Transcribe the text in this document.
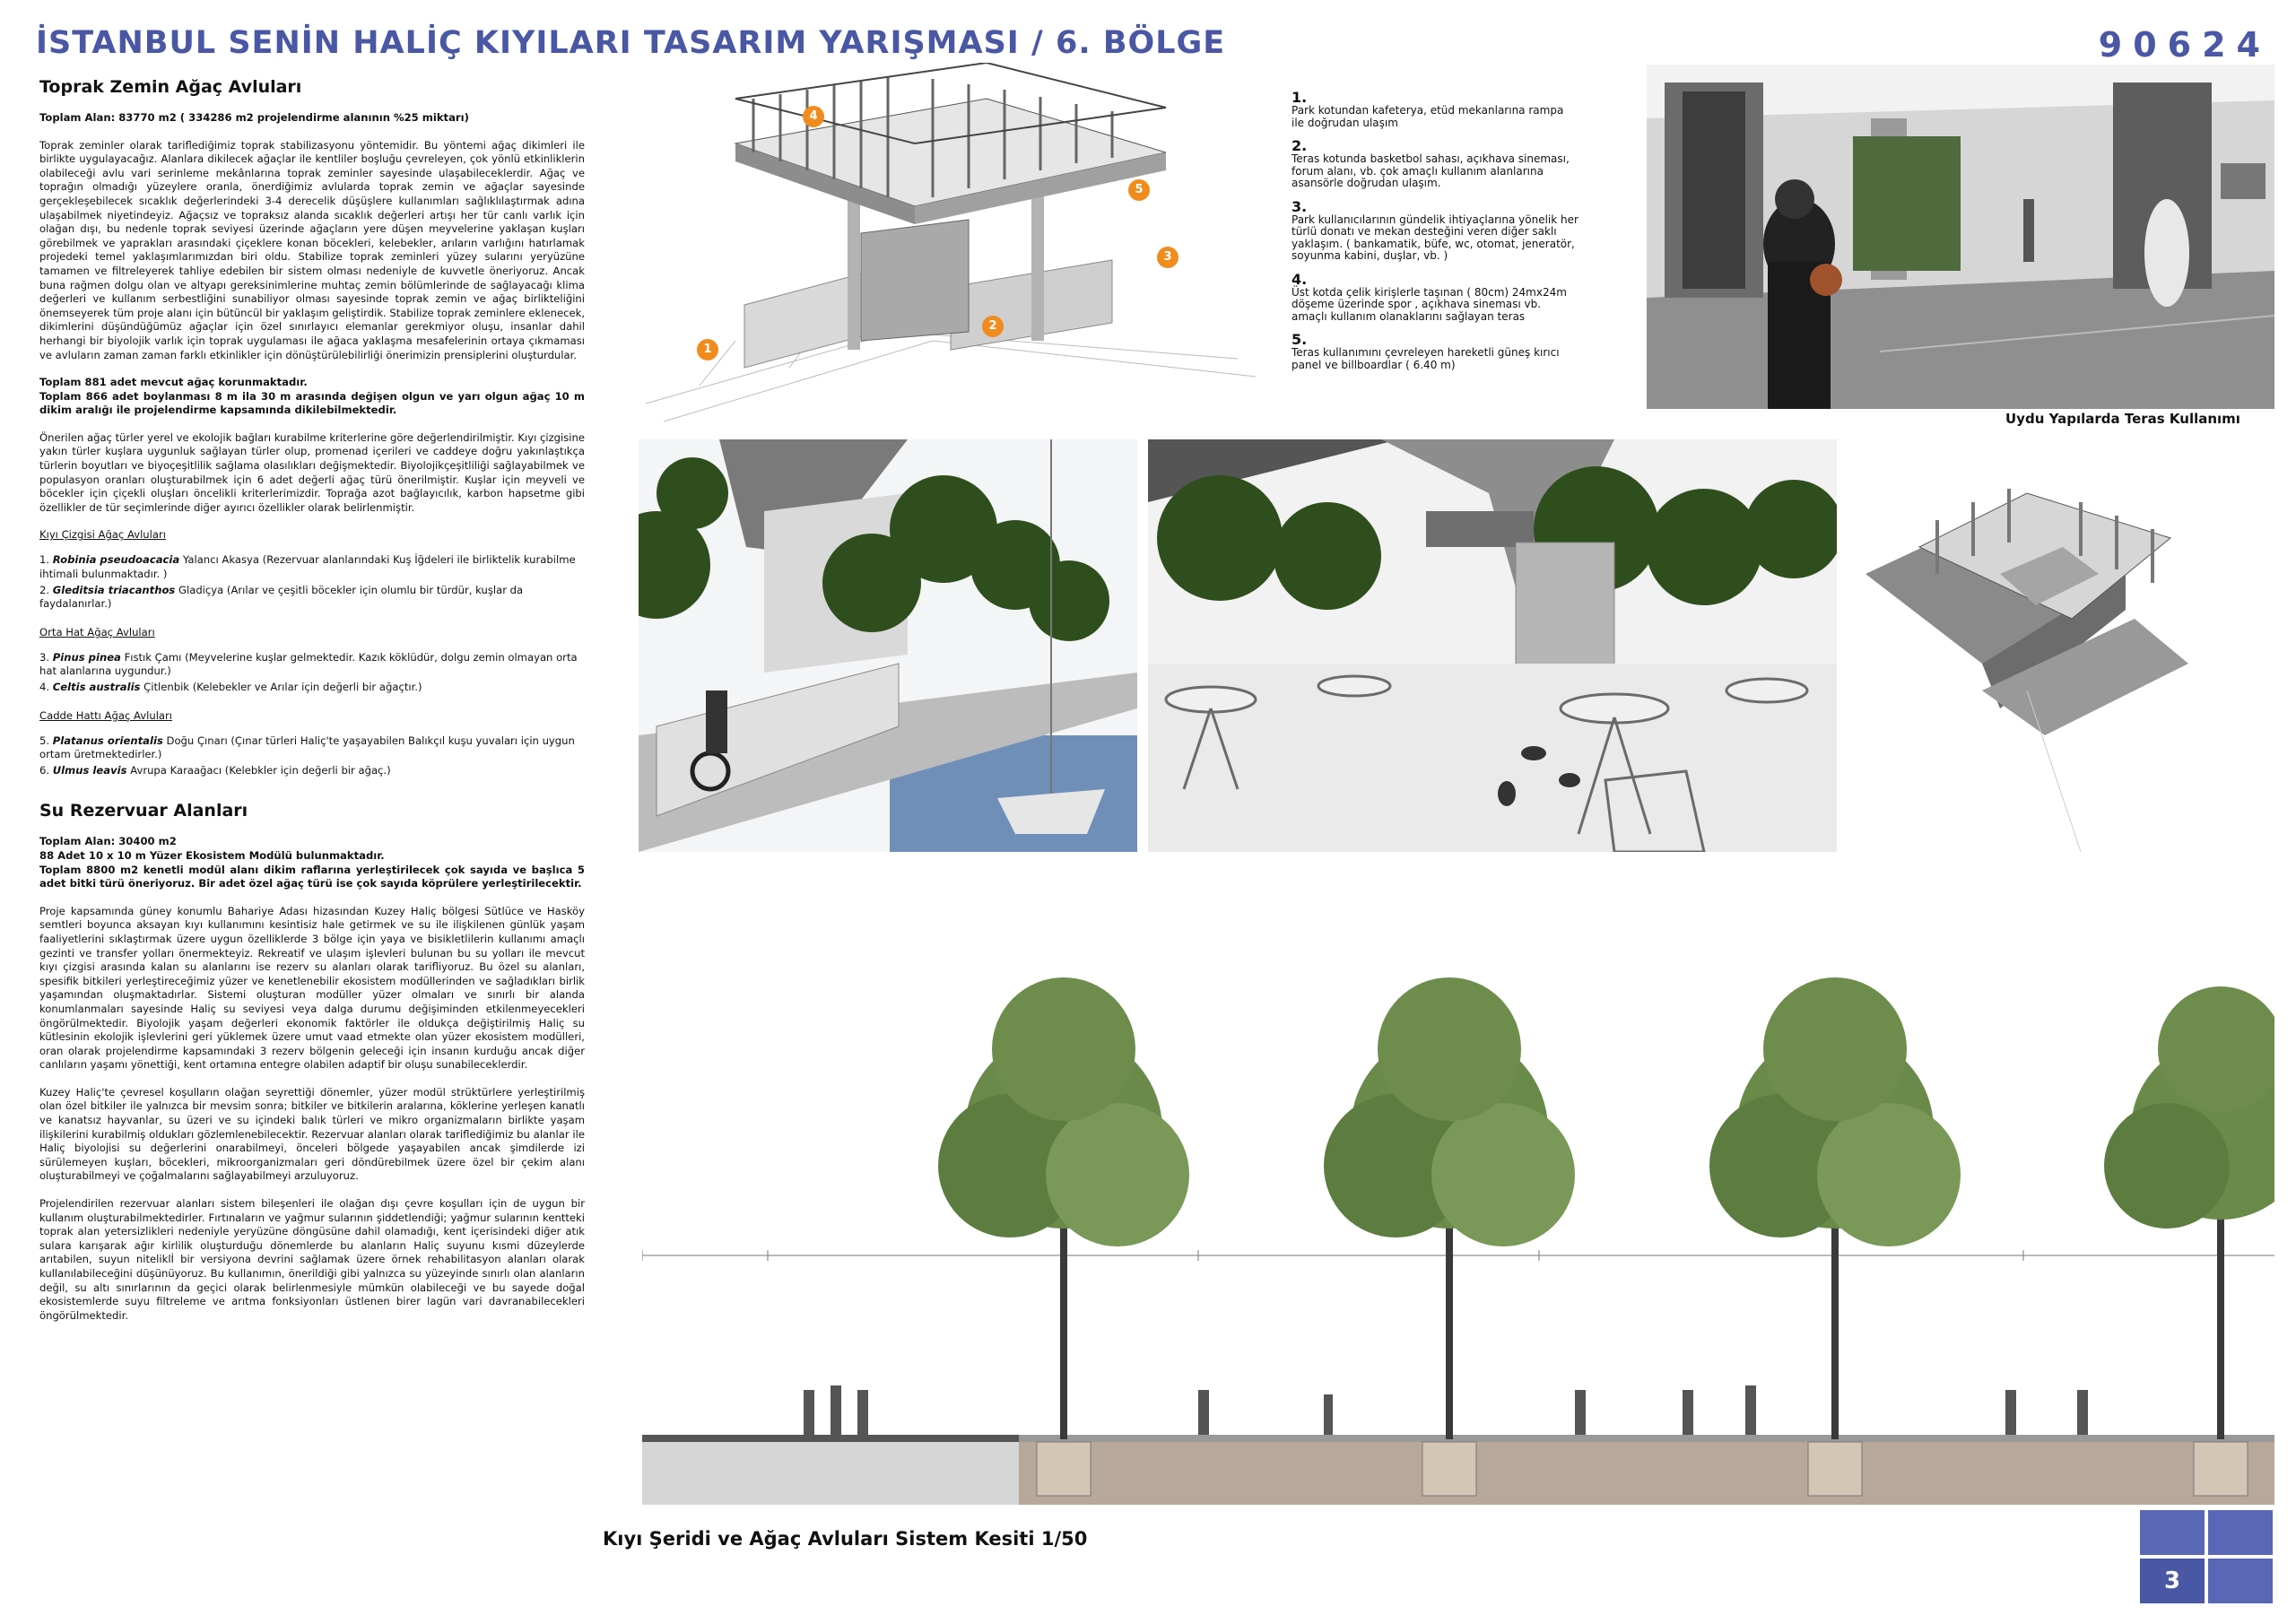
İSTANBUL SENİN HALİÇ KIYILARI TASARIM YARIŞMASI / 6. BÖLGE	90624
Toprak Zemin Ağaç Avluları
Toplam Alan: 83770 m2 ( 334286 m2 projelendirme alanının %25 miktarı)
Toprak zeminler olarak tariflediğimiz toprak stabilizasyonu yöntemidir. Bu yöntemi ağaç dikimleri ile birlikte uygulayacağız. Alanlara dikilecek ağaçlar ile kentliler boşluğu çevreleyen, çok yönlü etkinliklerin olabileceği avlu vari serinleme mekânlarına toprak zeminler sayesinde ulaşabileceklerdir. Ağaç ve toprağın olmadığı yüzeylere oranla, önerdiğimiz avlularda toprak zemin ve ağaçlar sayesinde gerçekleşebilecek sıcaklık değerlerindeki 3-4 derecelik düşüşlere kullanımları sağlıklılaştırmak adına ulaşabilmek niyetindeyiz. Ağaçsız ve topraksız alanda sıcaklık değerleri artışı her tür canlı varlık için olağan dışı, bu nedenle toprak seviyesi üzerinde ağaçların yere düşen meyvelerine yaklaşan kuşları görebilmek ve yaprakları arasındaki çiçeklere konan böcekleri, kelebekler, arıların varlığını hatırlamak projedeki temel yaklaşımlarımızdan biri oldu. Stabilize toprak zeminleri yüzey sularını yeryüzüne tamamen ve filtreleyerek tahliye edebilen bir sistem olması nedeniyle de kuvvetle öneriyoruz. Ancak buna rağmen dolgu olan ve altyapı gereksinimlerine muhtaç zemin bölümlerinde de sağlayacağı klima değerleri ve kullanım serbestliğini sunabiliyor olması sayesinde toprak zemin ve ağaç birlikteliğini önemseyerek tüm proje alanı için bütüncül bir yaklaşım geliştirdik. Stabilize toprak zeminlere eklenecek, dikimlerini düşündüğümüz ağaçlar için özel sınırlayıcı elemanlar gerekmiyor oluşu, insanlar dahil herhangi bir biyolojik varlık için toprak uygulaması ile ağaca yaklaşma mesafelerinin ortaya çıkmaması ve avluların zaman zaman farklı etkinlikler için dönüştürülebilirliği önerimizin prensiplerini oluşturdular.
Toplam 881 adet mevcut ağaç korunmaktadır.
Toplam 866 adet boylanması 8 m ila 30 m arasında değişen olgun ve yarı olgun ağaç 10 m dikim aralığı ile projelendirme kapsamında dikilebilmektedir.
Önerilen ağaç türler yerel ve ekolojik bağları kurabilme kriterlerine göre değerlendirilmiştir. Kıyı çizgisine yakın türler kuşlara uygunluk sağlayan türler olup, promenad içerileri ve caddeye doğru yakınlaştıkça türlerin boyutları ve biyoçeşitlilik sağlama olasılıkları değişmektedir. Biyolojikçeşitliliği sağlayabilmek ve populasyon oranları oluşturabilmek için 6 adet değerli ağaç türü önerilmiştir. Kuşlar için meyveli ve böcekler için çiçekli oluşları öncelikli kriterlerimizdir. Toprağa azot bağlayıcılık, karbon hapsetme gibi özellikler de tür seçimlerinde diğer ayırıcı özellikler olarak belirlenmiştir.
Kıyı Çizgisi Ağaç Avluları
1. Robinia pseudoacacia Yalancı Akasya (Rezervuar alanlarındaki Kuş İğdeleri ile birliktelik kurabilme ihtimali bulunmaktadır. )
2. Gleditsia triacanthos Gladiçya (Arılar ve çeşitli böcekler için olumlu bir türdür, kuşlar da faydalanırlar.)
Orta Hat Ağaç Avluları
3. Pinus pinea Fıstık Çamı (Meyvelerine kuşlar gelmektedir. Kazık köklüdür, dolgu zemin olmayan orta hat alanlarına uygundur.)
4. Celtis australis Çitlenbik (Kelebekler ve Arılar için değerli bir ağaçtır.)
Cadde Hattı Ağaç Avluları
5. Platanus orientalis Doğu Çınarı (Çınar türleri Haliç'te yaşayabilen Balıkçıl kuşu yuvaları için uygun ortam üretmektedirler.)
6. Ulmus leavis Avrupa Karaağacı (Kelebkler için değerli bir ağaç.)
Su Rezervuar Alanları
Toplam Alan: 30400 m2
88 Adet 10 x 10 m Yüzer Ekosistem Modülü bulunmaktadır.
Toplam 8800 m2 kenetli modül alanı dikim raflarına yerleştirilecek çok sayıda ve başlıca 5 adet bitki türü öneriyoruz. Bir adet özel ağaç türü ise çok sayıda köprülere yerleştirilecektir.
Proje kapsamında güney konumlu Bahariye Adası hizasından Kuzey Haliç bölgesi Sütlüce ve Hasköy semtleri boyunca aksayan kıyı kullanımını kesintisiz hale getirmek ve su ile ilişkilenen günlük yaşam faaliyetlerini sıklaştırmak üzere uygun özelliklerde 3 bölge için yaya ve bisikletlilerin kullanımı amaçlı gezinti ve transfer yolları önermekteyiz. Rekreatif ve ulaşım işlevleri bulunan bu su yolları ile mevcut kıyı çizgisi arasında kalan su alanlarını ise rezerv su alanları olarak tarifliyoruz. Bu özel su alanları, spesifik bitkileri yerleştireceğimiz yüzer ve kenetlenebilir ekosistem modüllerinden ve sağladıkları birlik yaşamından oluşmaktadırlar. Sistemi oluşturan modüller yüzer olmaları ve sınırlı bir alanda konumlanmaları sayesinde Haliç su seviyesi veya dalga durumu değişiminden etkilenmeyecekleri öngörülmektedir. Biyolojik yaşam değerleri ekonomik faktörler ile oldukça değiştirilmiş Haliç su kütlesinin ekolojik işlevlerini geri yüklemek üzere umut vaad etmekte olan yüzer ekosistem modülleri, oran olarak projelendirme kapsamındaki 3 rezerv bölgenin geleceği için insanın kurduğu ancak diğer canlıların yaşamı yönettiği, kent ortamına entegre olabilen adaptif bir oluşu sunabileceklerdir.
Kuzey Haliç'te çevresel koşulların olağan seyrettiği dönemler, yüzer modül strüktürlere yerleştirilmiş olan özel bitkiler ile yalnızca bir mevsim sonra; bitkiler ve bitkilerin aralarına, köklerine yerleşen kanatlı ve kanatsız hayvanlar, su üzeri ve su içindeki balık türleri ve mikro organizmaların birlikte yaşam ilişkilerini kurabilmiş oldukları gözlemlenebilecektir. Rezervuar alanları olarak tariflediğimiz bu alanlar ile Haliç biyolojisi su değerlerini onarabilmeyi, önceleri bölgede yaşayabilen ancak şimdilerde izi sürülemeyen kuşları, böcekleri, mikroorganizmaları geri döndürebilmek üzere özel bir çekim alanı oluşturabilmeyi ve çoğalmalarını sağlayabilmeyi arzuluyoruz.
Projelendirilen rezervuar alanları sistem bileşenleri ile olağan dışı çevre koşulları için de uygun bir kullanım oluşturabilmektedirler. Fırtınaların ve yağmur sularının şiddetlendiği; yağmur sularının kentteki toprak alan yetersizlikleri nedeniyle yeryüzüne döngüsüne dahil olamadığı, kent içerisindeki diğer atık sulara karışarak ağır kirlilik oluşturduğu dönemlerde bu alanların Haliç suyunu kısmi düzeylerde arıtabilen, suyun niteliklİ bir versiyona devrini sağlamak üzere örnek rehabilitasyon alanları olarak kullanılabileceğini düşünüyoruz. Bu kullanımın, önerildiği gibi yalnızca su yüzeyinde sınırlı olan alanların değil, su altı sınırlarının da geçici olarak belirlenmesiyle mümkün olabileceği ve bu sayede doğal ekosistemlerde suyu filtreleme ve arıtma fonksiyonları üstlenen birer lagün vari davranabilecekleri öngörülmektedir.
4
5
3
2
1
1.
Park kotundan kafeterya, etüd mekanlarına rampa ile doğrudan ulaşım
2.
Teras kotunda basketbol sahası, açıkhava sineması, forum alanı, vb. çok amaçlı kullanım alanlarına asansörle doğrudan ulaşım.
3.
Park kullanıcılarının gündelik ihtiyaçlarına yönelik her türlü donatı ve mekan desteğini veren diğer saklı yaklaşım. ( bankamatik, büfe, wc, otomat, jeneratör, soyunma kabini, duşlar, vb. )
4.
Üst kotda çelik kirişlerle taşınan ( 80cm) 24mx24m döşeme üzerinde spor , açıkhava sineması vb. amaçlı kullanım olanaklarını sağlayan teras
5.
Teras kullanımını çevreleyen hareketli güneş kırıcı panel ve billboardlar ( 6.40 m)
Uydu Yapılarda Teras Kullanımı
Kıyı Şeridi ve Ağaç Avluları Sistem Kesiti 1/50
3
